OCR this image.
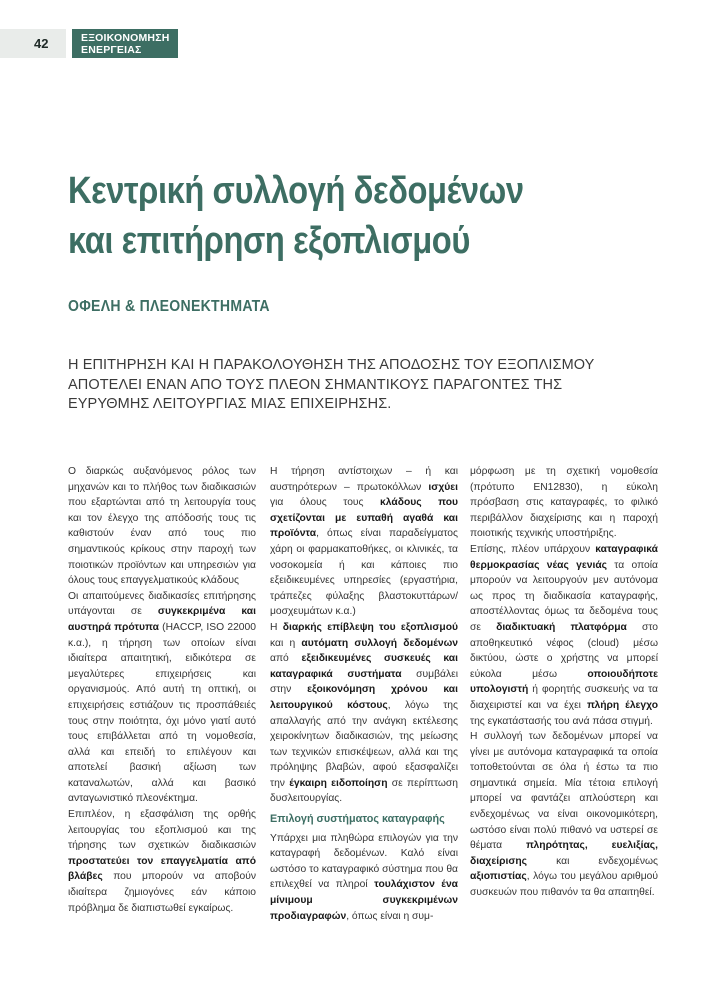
42	ΕΞΟΙΚΟΝΟΜΗΣΗ
ΕΝΕΡΓΕΙΑΣ
Κεντρική συλλογή δεδομένων
και επιτήρηση εξοπλισμού
ΟΦΕΛΗ & ΠΛΕΟΝΕΚΤΗΜΑΤΑ

Η ΕΠΙΤΗΡΗΣΗ ΚΑΙ Η ΠΑΡΑΚΟΛΟΥΘΗΣΗ ΤΗΣ ΑΠΟΔΟΣΗΣ ΤΟΥ ΕΞΟΠΛΙΣΜΟΥ ΑΠΟΤΕΛΕΙ ΕΝΑΝ ΑΠΟ ΤΟΥΣ ΠΛΕΟΝ ΣΗΜΑΝΤΙΚΟΥΣ ΠΑΡΑΓΟΝΤΕΣ ΤΗΣ ΕΥΡΥΘΜΗΣ ΛΕΙΤΟΥΡΓΙΑΣ ΜΙΑΣ ΕΠΙΧΕΙΡΗΣΗΣ.

Ο διαρκώς αυξανόμενος ρόλος των μηχανών και το πλήθος των διαδικασιών που εξαρτώνται από τη λειτουργία τους και τον έλεγχο της απόδοσής τους τις καθιστούν έναν από τους πιο σημαντικούς κρίκους στην παροχή των ποιοτικών προϊόντων και υπηρεσιών για όλους τους επαγγελματικούς κλάδους

Οι απαιτούμενες διαδικασίες επιτήρησης υπάγονται σε συγκεκριμένα και αυστηρά πρότυπα (HACCP, ISO 22000 κ.α.), η τήρηση των οποίων είναι ιδιαίτερα απαιτητική, ειδικότερα σε μεγαλύτερες επιχειρήσεις και οργανισμούς. Από αυτή τη οπτική, οι επιχειρήσεις εστιάζουν τις προσπάθειές τους στην ποιότητα, όχι μόνο γιατί αυτό τους επιβάλλεται από τη νομοθεσία, αλλά και επειδή το επιλέγουν και αποτελεί βασική αξίωση των καταναλωτών, αλλά και βασικό ανταγωνιστικό πλεονέκτημα.

Επιπλέον, η εξασφάλιση της ορθής λειτουργίας του εξοπλισμού και της τήρησης των σχετικών διαδικασιών προστατεύει τον επαγγελματία από βλάβες που μπορούν να αποβούν ιδιαίτερα ζημιογόνες εάν κάποιο πρόβλημα δε διαπιστωθεί εγκαίρως.

Η τήρηση αντίστοιχων – ή και αυστηρότερων – πρωτοκόλλων ισχύει για όλους τους κλάδους που σχετίζονται με ευπαθή αγαθά και προϊόντα, όπως είναι παραδείγματος χάρη οι φαρμακαποθήκες, οι κλινικές, τα νοσοκομεία ή και κάποιες πιο εξειδικευμένες υπηρεσίες (εργαστήρια, τράπεζες φύλαξης βλαστοκυττάρων/ μοσχευμάτων κ.α.)

Η διαρκής επίβλεψη του εξοπλισμού και η αυτόματη συλλογή δεδομένων από εξειδικευμένες συσκευές και καταγραφικά συστήματα συμβάλει στην εξοικονόμηση χρόνου και λειτουργικού κόστους, λόγω της απαλλαγής από την ανάγκη εκτέλεσης χειροκίνητων διαδικασιών, της μείωσης των τεχνικών επισκέψεων, αλλά και της πρόληψης βλαβών, αφού εξασφαλίζει την έγκαιρη ειδοποίηση σε περίπτωση δυσλειτουργίας.

Επιλογή συστήματος καταγραφής

Υπάρχει μια πληθώρα επιλογών για την καταγραφή δεδομένων. Καλό είναι ωστόσο το καταγραφικό σύστημα που θα επιλεχθεί να πληροί τουλάχιστον ένα μίνιμουμ συγκεκριμένων προδιαγραφών, όπως είναι η συμ-

μόρφωση με τη σχετική νομοθεσία (πρότυπο EN12830), η εύκολη πρόσβαση στις καταγραφές, το φιλικό περιβάλλον διαχείρισης και η παροχή ποιοτικής τεχνικής υποστήριξης.

Επίσης, πλέον υπάρχουν καταγραφικά θερμοκρασίας νέας γενιάς τα οποία μπορούν να λειτουργούν μεν αυτόνομα ως προς τη διαδικασία καταγραφής, αποστέλλοντας όμως τα δεδομένα τους σε διαδικτυακή πλατφόρμα στο αποθηκευτικό νέφος (cloud) μέσω δικτύου, ώστε ο χρήστης να μπορεί εύκολα μέσω οποιουδήποτε υπολογιστή ή φορητής συσκευής να τα διαχειριστεί και να έχει πλήρη έλεγχο της εγκατάστασής του ανά πάσα στιγμή.

Η συλλογή των δεδομένων μπορεί να γίνει με αυτόνομα καταγραφικά τα οποία τοποθετούνται σε όλα ή έστω τα πιο σημαντικά σημεία. Μία τέτοια επιλογή μπορεί να φαντάζει απλούστερη και ενδεχομένως να είναι οικονομικότερη, ωστόσο είναι πολύ πιθανό να υστερεί σε θέματα πληρότητας, ευελιξίας, διαχείρισης και ενδεχομένως αξιοπιστίας, λόγω του μεγάλου αριθμού συσκευών που πιθανόν τα θα απαιτηθεί.
